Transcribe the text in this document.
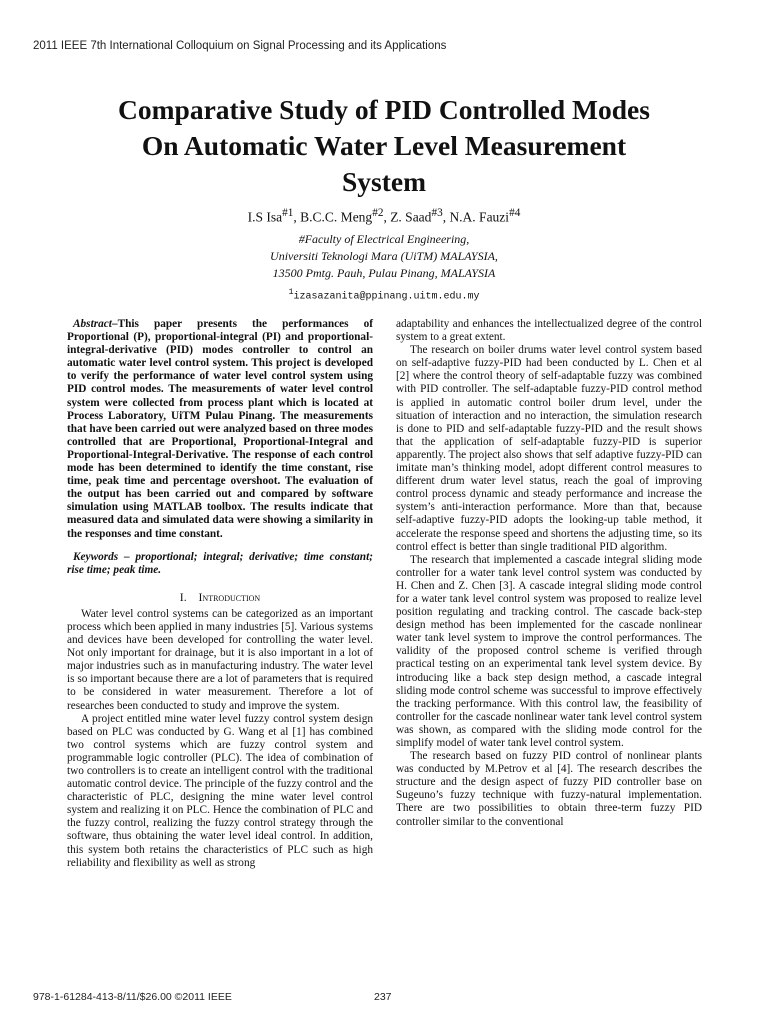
2011 IEEE 7th International Colloquium on Signal Processing and its Applications
Comparative Study of PID Controlled Modes
On Automatic Water Level Measurement
System
I.S Isa$^{\#1}$, B.C.C. Meng$^{\#2}$, Z. Saad$^{\#3}$, N.A. Fauzi$^{\#4}$
#Faculty of Electrical Engineering,
Universiti Teknologi Mara (UiTM) MALAYSIA,
13500 Pmtg. Pauh, Pulau Pinang, MALAYSIA
$^1$izasazanita@ppinang.uitm.edu.my

Abstract–This paper presents the performances of Proportional (P), proportional-integral (PI) and proportional-integral-derivative (PID) modes controller to control an automatic water level control system. This project is developed to verify the performance of water level control system using PID control modes. The measurements of water level control system were collected from process plant which is located at Process Laboratory, UiTM Pulau Pinang. The measurements that have been carried out were analyzed based on three modes controlled that are Proportional, Proportional-Integral and Proportional-Integral-Derivative. The response of each control mode has been determined to identify the time constant, rise time, peak time and percentage overshoot. The evaluation of the output has been carried out and compared by software simulation using MATLAB toolbox. The results indicate that measured data and simulated data were showing a similarity in the responses and time constant.

Keywords – proportional; integral; derivative; time constant; rise time; peak time.

I. Introduction

Water level control systems can be categorized as an important process which been applied in many industries [5]. Various systems and devices have been developed for controlling the water level. Not only important for drainage, but it is also important in a lot of major industries such as in manufacturing industry. The water level is so important because there are a lot of parameters that is required to be considered in water measurement. Therefore a lot of researches been conducted to study and improve the system.

A project entitled mine water level fuzzy control system design based on PLC was conducted by G. Wang et al [1] has combined two control systems which are fuzzy control system and programmable logic controller (PLC). The idea of combination of two controllers is to create an intelligent control with the traditional automatic control device. The principle of the fuzzy control and the characteristic of PLC, designing the mine water level control system and realizing it on PLC. Hence the combination of PLC and the fuzzy control, realizing the fuzzy control strategy through the software, thus obtaining the water level ideal control. In addition, this system both retains the characteristics of PLC such as high reliability and flexibility as well as strong

adaptability and enhances the intellectualized degree of the control system to a great extent.

The research on boiler drums water level control system based on self-adaptive fuzzy-PID had been conducted by L. Chen et al [2] where the control theory of self-adaptable fuzzy was combined with PID controller. The self-adaptable fuzzy-PID control method is applied in automatic control boiler drum level, under the situation of interaction and no interaction, the simulation research is done to PID and self-adaptable fuzzy-PID and the result shows that the application of self-adaptable fuzzy-PID is superior apparently. The project also shows that self adaptive fuzzy-PID can imitate man’s thinking model, adopt different control measures to different drum water level status, reach the goal of improving control process dynamic and steady performance and increase the system’s anti-interaction performance. More than that, because self-adaptive fuzzy-PID adopts the looking-up table method, it accelerate the response speed and shortens the adjusting time, so its control effect is better than single traditional PID algorithm.

The research that implemented a cascade integral sliding mode controller for a water tank level control system was conducted by H. Chen and Z. Chen [3]. A cascade integral sliding mode control for a water tank level control system was proposed to realize level position regulating and tracking control. The cascade back-step design method has been implemented for the cascade nonlinear water tank level system to improve the control performances. The validity of the proposed control scheme is verified through practical testing on an experimental tank level system device. By introducing like a back step design method, a cascade integral sliding mode control scheme was successful to improve effectively the tracking performance. With this control law, the feasibility of controller for the cascade nonlinear water tank level control system was shown, as compared with the sliding mode control for the simplify model of water tank level control system.

The research based on fuzzy PID control of nonlinear plants was conducted by M.Petrov et al [4]. The research describes the structure and the design aspect of fuzzy PID controller base on Sugeuno’s fuzzy technique with fuzzy-natural implementation. There are two possibilities to obtain three-term fuzzy PID controller similar to the conventional

978-1-61284-413-8/11/$26.00 ©2011 IEEE	237
